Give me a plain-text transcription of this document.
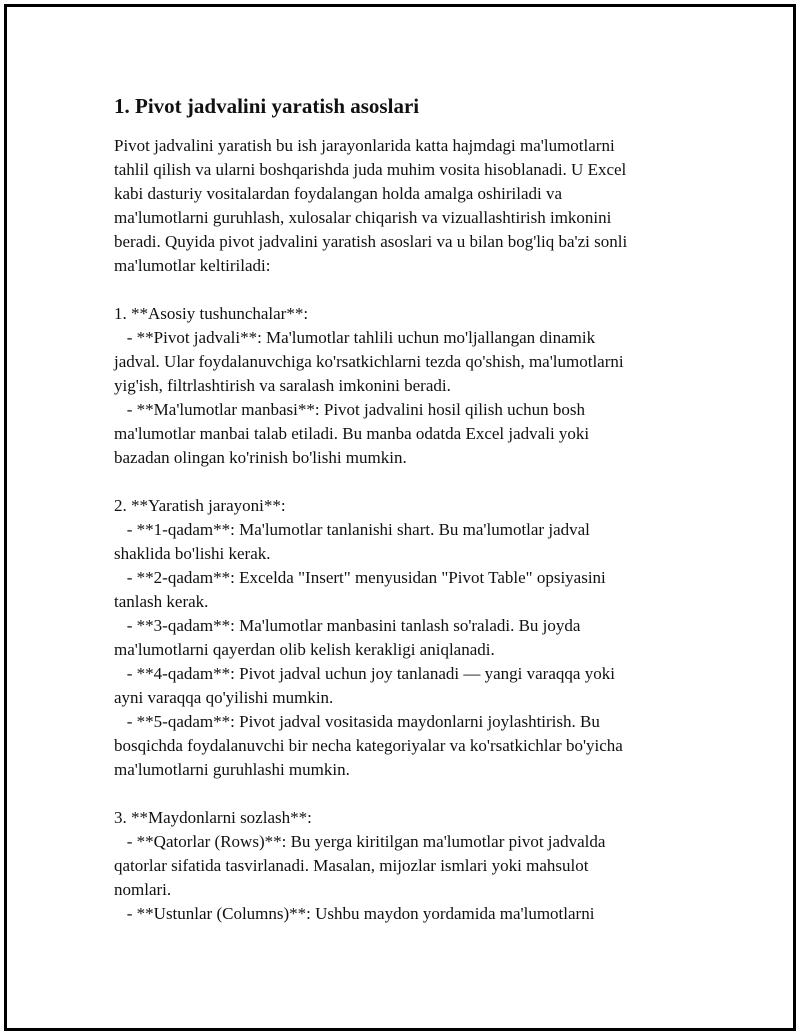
1. Pivot jadvalini yaratish asoslari
Pivot jadvalini yaratish bu ish jarayonlarida katta hajmdagi ma'lumotlarni
tahlil qilish va ularni boshqarishda juda muhim vosita hisoblanadi. U Excel
kabi dasturiy vositalardan foydalangan holda amalga oshiriladi va
ma'lumotlarni guruhlash, xulosalar chiqarish va vizuallashtirish imkonini
beradi. Quyida pivot jadvalini yaratish asoslari va u bilan bog'liq ba'zi sonli
ma'lumotlar keltiriladi:
1. **Asosiy tushunchalar**:
- **Pivot jadvali**: Ma'lumotlar tahlili uchun mo'ljallangan dinamik
jadval. Ular foydalanuvchiga ko'rsatkichlarni tezda qo'shish, ma'lumotlarni
yig'ish, filtrlashtirish va saralash imkonini beradi.
- **Ma'lumotlar manbasi**: Pivot jadvalini hosil qilish uchun bosh
ma'lumotlar manbai talab etiladi. Bu manba odatda Excel jadvali yoki
bazadan olingan ko'rinish bo'lishi mumkin.
2. **Yaratish jarayoni**:
- **1-qadam**: Ma'lumotlar tanlanishi shart. Bu ma'lumotlar jadval
shaklida bo'lishi kerak.
- **2-qadam**: Excelda "Insert" menyusidan "Pivot Table" opsiyasini
tanlash kerak.
- **3-qadam**: Ma'lumotlar manbasini tanlash so'raladi. Bu joyda
ma'lumotlarni qayerdan olib kelish kerakligi aniqlanadi.
- **4-qadam**: Pivot jadval uchun joy tanlanadi — yangi varaqqa yoki
ayni varaqqa qo'yilishi mumkin.
- **5-qadam**: Pivot jadval vositasida maydonlarni joylashtirish. Bu
bosqichda foydalanuvchi bir necha kategoriyalar va ko'rsatkichlar bo'yicha
ma'lumotlarni guruhlashi mumkin.
3. **Maydonlarni sozlash**:
- **Qatorlar (Rows)**: Bu yerga kiritilgan ma'lumotlar pivot jadvalda
qatorlar sifatida tasvirlanadi. Masalan, mijozlar ismlari yoki mahsulot
nomlari.
- **Ustunlar (Columns)**: Ushbu maydon yordamida ma'lumotlarni
